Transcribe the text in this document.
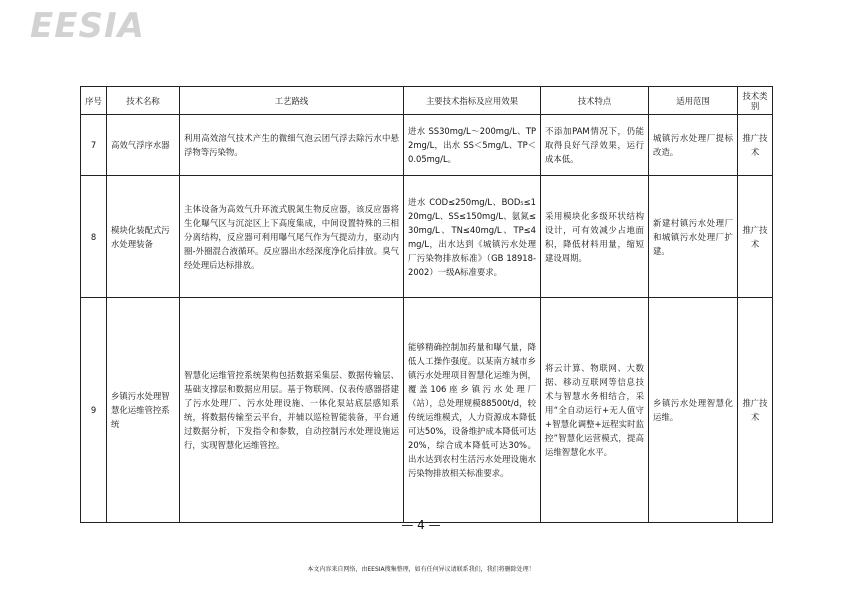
EESIA
序号	技术名称	工艺路线	主要技术指标及应用效果	技术特点	适用范围	技术类别
7	高效气浮序水器	利用高效溶气技术产生的微细气泡云团气浮去除污水中悬浮物等污染物。	进水 SS30mg/L～200mg/L、TP2mg/L，出水 SS＜5mg/L、TP＜0.05mg/L。	不添加PAM情况下，仍能取得良好气浮效果，运行成本低。	城镇污水处理厂提标改造。	推广技术
8	模块化装配式污水处理装备	主体设备为高效气升环流式脱氮生物反应器，该反应器将生化曝气区与沉淀区上下高度集成，中间设置特殊的三相分离结构，反应器可利用曝气尾气作为气提动力，驱动内圈-外圈混合液循环。反应器出水经深度净化后排放。臭气经处理后达标排放。	进水 COD≤250mg/L、BOD₅≤120mg/L、SS≤150mg/L、氨氮≤30mg/L、TN≤40mg/L、TP≤4mg/L，出水达到《城镇污水处理厂污染物排放标准》（GB 18918-2002）一级A标准要求。	采用模块化多级环状结构设计，可有效减少占地面积，降低材料用量，缩短建设周期。	新建村镇污水处理厂和城镇污水处理厂扩建。	推广技术
9	乡镇污水处理智慧化运维管控系统	智慧化运维管控系统架构包括数据采集层、数据传输层、基础支撑层和数据应用层。基于物联网、仪表传感器搭建了污水处理厂、污水处理设施、一体化泵站底层感知系统，将数据传输至云平台，并辅以巡检智能装备，平台通过数据分析，下发指令和参数，自动控制污水处理设施运行，实现智慧化运维管控。	能够精确控制加药量和曝气量，降低人工操作强度。以某南方城市乡镇污水处理项目智慧化运维为例，覆盖106座乡镇污水处理厂（站），总处理规模88500t/d，较传统运维模式，人力资源成本降低可达50%，设备维护成本降低可达20%，综合成本降低可达30%。出水达到农村生活污水处理设施水污染物排放相关标准要求。	将云计算、物联网、大数据、移动互联网等信息技术与智慧水务相结合，采用“全自动运行+无人值守+智慧化调整+远程实时监控”智慧化运营模式，提高运维智慧化水平。	乡镇污水处理智慧化运维。	推广技术
— 4 —
本文内容来自网络，由EESIA搜集整理，如有任何异议请联系我们，我们将删除处理！
